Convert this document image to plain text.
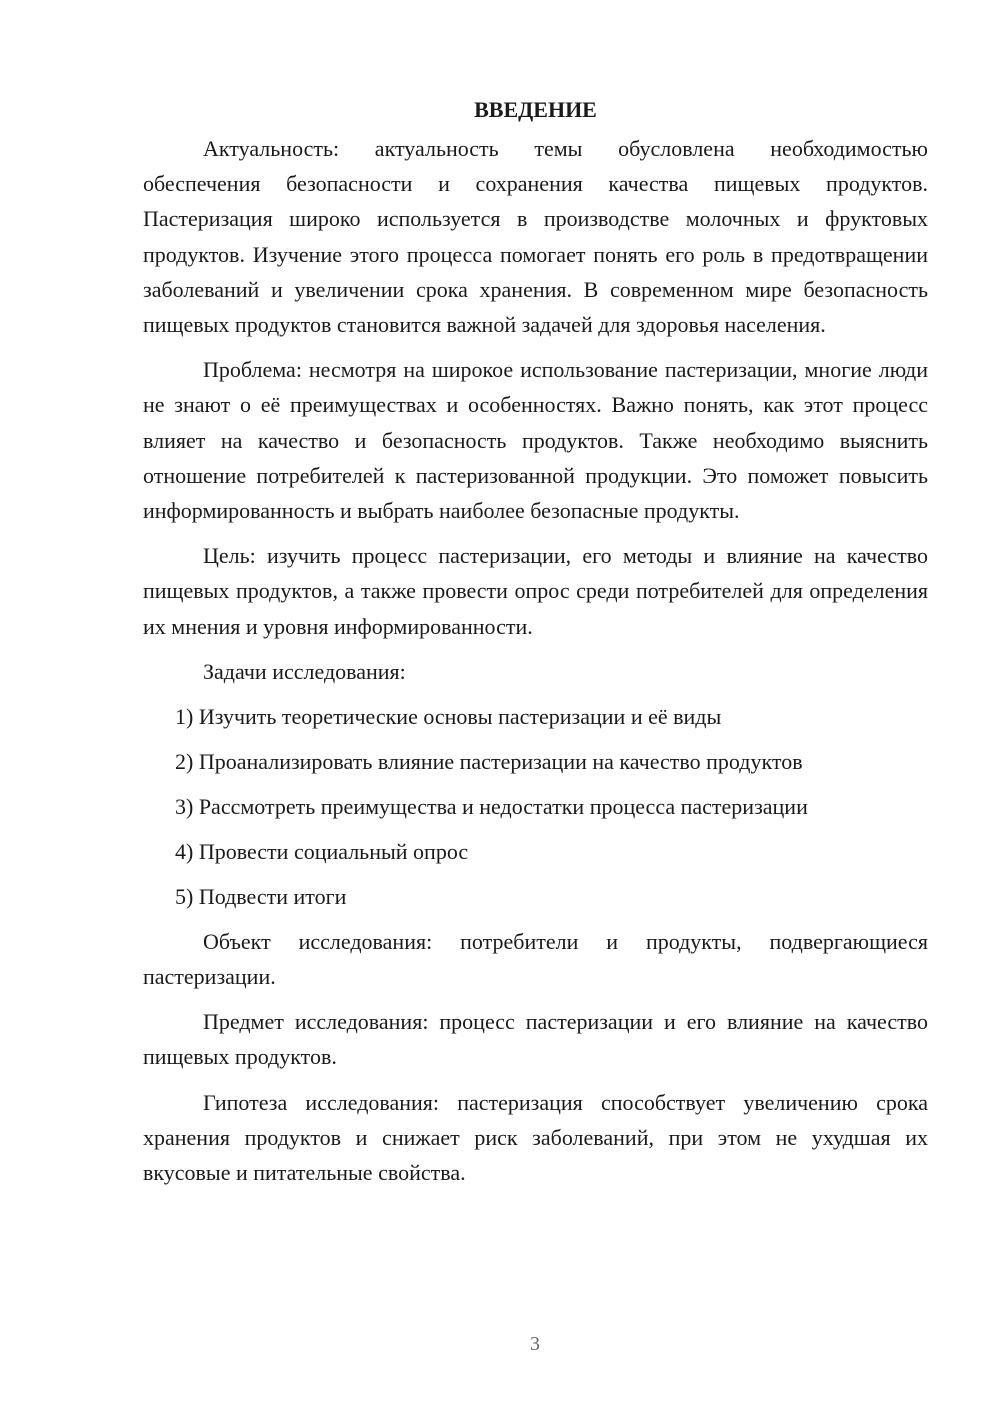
ВВЕДЕНИЕ

Актуальность: актуальность темы обусловлена необходимостью обеспечения безопасности и сохранения качества пищевых продуктов. Пастеризация широко используется в производстве молочных и фруктовых продуктов. Изучение этого процесса помогает понять его роль в предотвращении заболеваний и увеличении срока хранения. В современном мире безопасность пищевых продуктов становится важной задачей для здоровья населения.

Проблема: несмотря на широкое использование пастеризации, многие люди не знают о её преимуществах и особенностях. Важно понять, как этот процесс влияет на качество и безопасность продуктов. Также необходимо выяснить отношение потребителей к пастеризованной продукции. Это поможет повысить информированность и выбрать наиболее безопасные продукты.

Цель: изучить процесс пастеризации, его методы и влияние на качество пищевых продуктов, а также провести опрос среди потребителей для определения их мнения и уровня информированности.

Задачи исследования:
1) Изучить теоретические основы пастеризации и её виды
2) Проанализировать влияние пастеризации на качество продуктов
3) Рассмотреть преимущества и недостатки процесса пастеризации
4) Провести социальный опрос
5) Подвести итоги

Объект исследования: потребители и продукты, подвергающиеся пастеризации.

Предмет исследования: процесс пастеризации и его влияние на качество пищевых продуктов.

Гипотеза исследования: пастеризация способствует увеличению срока хранения продуктов и снижает риск заболеваний, при этом не ухудшая их вкусовые и питательные свойства.

3
